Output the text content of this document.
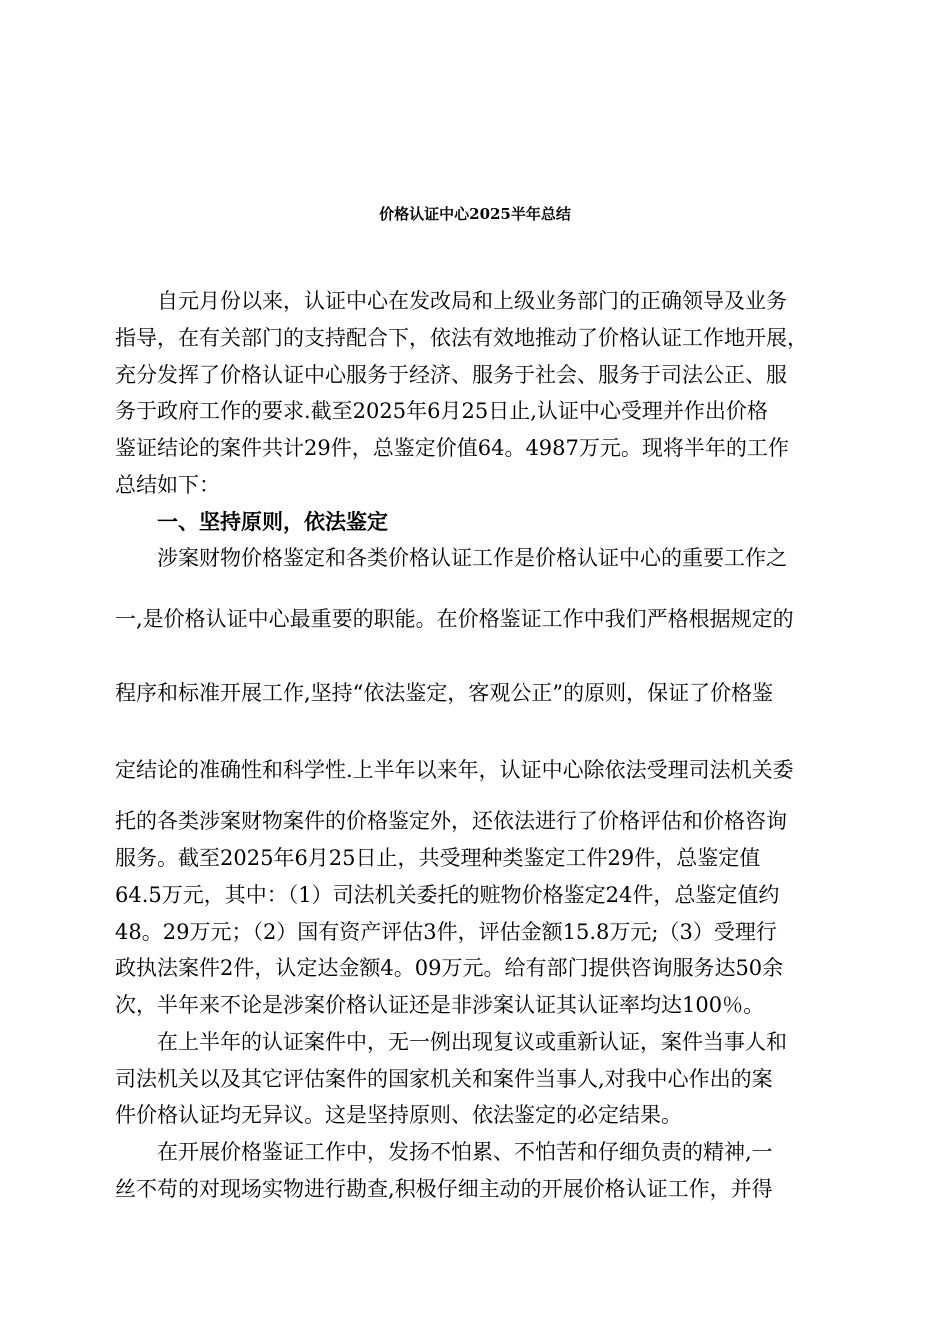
价格认证中心2025半年总结
自元月份以来，认证中心在发改局和上级业务部门的正确领导及业务
指导，在有关部门的支持配合下，依法有效地推动了价格认证工作地开展，
充分发挥了价格认证中心服务于经济、服务于社会、服务于司法公正、服
务于政府工作的要求.截至2025年6月25日止,认证中心受理并作出价格
鉴证结论的案件共计29件，总鉴定价值64。4987万元。现将半年的工作
总结如下：
一、坚持原则，依法鉴定
涉案财物价格鉴定和各类价格认证工作是价格认证中心的重要工作之
一,是价格认证中心最重要的职能。在价格鉴证工作中我们严格根据规定的
程序和标准开展工作,坚持“依法鉴定，客观公正”的原则，保证了价格鉴
定结论的准确性和科学性.上半年以来年，认证中心除依法受理司法机关委
托的各类涉案财物案件的价格鉴定外，还依法进行了价格评估和价格咨询
服务。截至2025年6月25日止，共受理种类鉴定工件29件，总鉴定值
64.5万元，其中：（1）司法机关委托的赃物价格鉴定24件，总鉴定值约
48。29万元；（2）国有资产评估3件，评估金额15.8万元;（3）受理行
政执法案件2件，认定达金额4。09万元。给有部门提供咨询服务达50余
次，半年来不论是涉案价格认证还是非涉案认证其认证率均达100％。
在上半年的认证案件中，无一例出现复议或重新认证，案件当事人和
司法机关以及其它评估案件的国家机关和案件当事人,对我中心作出的案
件价格认证均无异议。这是坚持原则、依法鉴定的必定结果。
在开展价格鉴证工作中，发扬不怕累、不怕苦和仔细负责的精神,一
丝不苟的对现场实物进行勘查,积极仔细主动的开展价格认证工作，并得
